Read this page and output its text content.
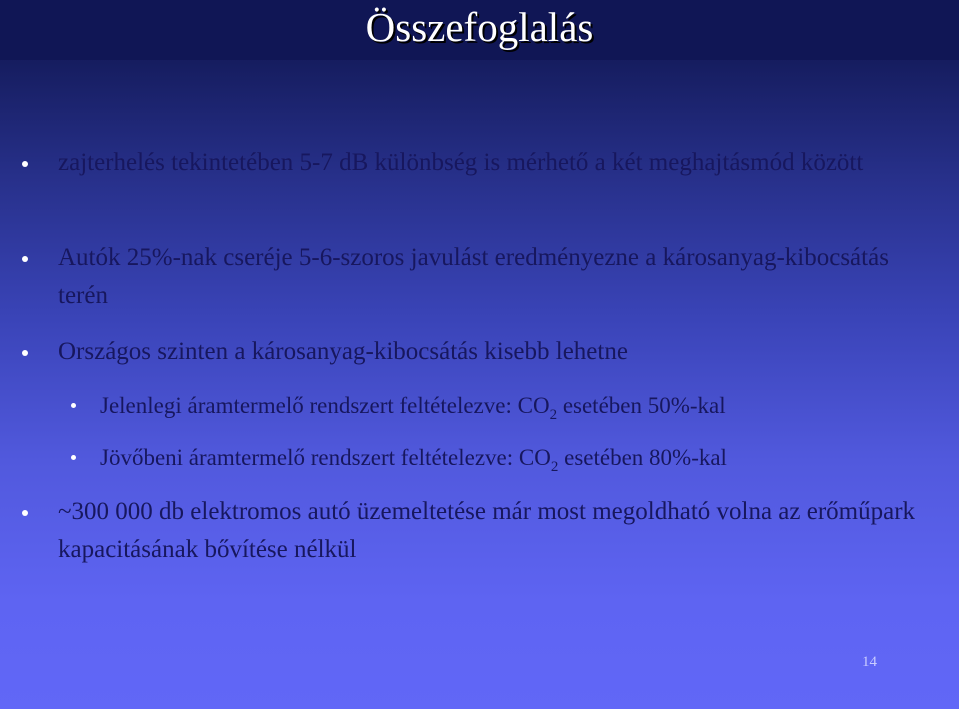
Összefoglalás
zajterhelés tekintetében 5-7 dB különbség is mérhető a két meghajtásmód között
Autók 25%-nak cseréje 5-6-szoros javulást eredményezne a károsanyag-kibocsátás terén
Országos szinten a károsanyag-kibocsátás kisebb lehetne
Jelenlegi áramtermelő rendszert feltételezve: $CO_2$ esetében 50%-kal
Jövőbeni áramtermelő rendszert feltételezve: $CO_2$ esetében 80%-kal
~300 000 db elektromos autó üzemeltetése már most megoldható volna az erőműpark kapacitásának bővítése nélkül
14
